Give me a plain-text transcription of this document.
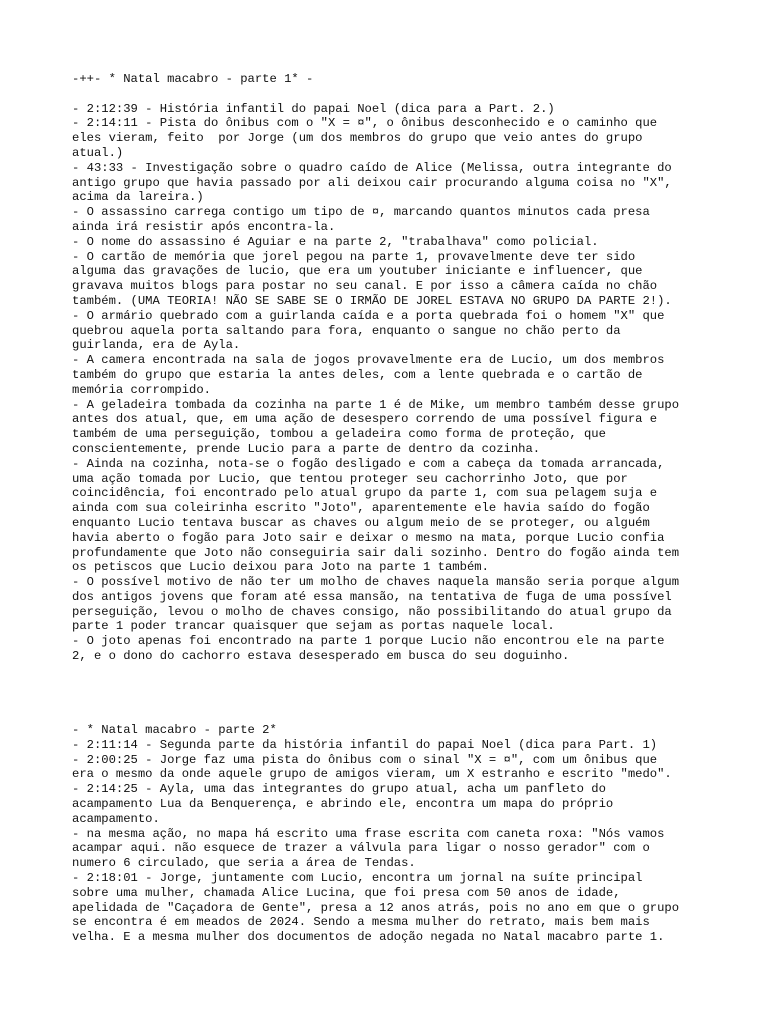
-++- * Natal macabro - parte 1* -
- 2:12:39 - História infantil do papai Noel (dica para a Part. 2.)
- 2:14:11 - Pista do ônibus com o "X = ¤", o ônibus desconhecido e o caminho que
eles vieram, feito  por Jorge (um dos membros do grupo que veio antes do grupo
atual.)
- 43:33 - Investigação sobre o quadro caído de Alice (Melissa, outra integrante do
antigo grupo que havia passado por ali deixou cair procurando alguma coisa no "X",
acima da lareira.)
- O assassino carrega contigo um tipo de ¤, marcando quantos minutos cada presa
ainda irá resistir após encontra-la.
- O nome do assassino é Aguiar e na parte 2, "trabalhava" como policial.
- O cartão de memória que jorel pegou na parte 1, provavelmente deve ter sido
alguma das gravações de lucio, que era um youtuber iniciante e influencer, que
gravava muitos blogs para postar no seu canal. E por isso a câmera caída no chão
também. (UMA TEORIA! NÃO SE SABE SE O IRMÃO DE JOREL ESTAVA NO GRUPO DA PARTE 2!).
- O armário quebrado com a guirlanda caída e a porta quebrada foi o homem "X" que
quebrou aquela porta saltando para fora, enquanto o sangue no chão perto da
guirlanda, era de Ayla.
- A camera encontrada na sala de jogos provavelmente era de Lucio, um dos membros
também do grupo que estaria la antes deles, com a lente quebrada e o cartão de
memória corrompido.
- A geladeira tombada da cozinha na parte 1 é de Mike, um membro também desse grupo
antes dos atual, que, em uma ação de desespero correndo de uma possível figura e
também de uma perseguição, tombou a geladeira como forma de proteção, que
conscientemente, prende Lucio para a parte de dentro da cozinha.
- Ainda na cozinha, nota-se o fogão desligado e com a cabeça da tomada arrancada,
uma ação tomada por Lucio, que tentou proteger seu cachorrinho Joto, que por
coincidência, foi encontrado pelo atual grupo da parte 1, com sua pelagem suja e
ainda com sua coleirinha escrito "Joto", aparentemente ele havia saído do fogão
enquanto Lucio tentava buscar as chaves ou algum meio de se proteger, ou alguém
havia aberto o fogão para Joto sair e deixar o mesmo na mata, porque Lucio confia
profundamente que Joto não conseguiria sair dali sozinho. Dentro do fogão ainda tem
os petiscos que Lucio deixou para Joto na parte 1 também.
- O possível motivo de não ter um molho de chaves naquela mansão seria porque algum
dos antigos jovens que foram até essa mansão, na tentativa de fuga de uma possível
perseguição, levou o molho de chaves consigo, não possibilitando do atual grupo da
parte 1 poder trancar quaisquer que sejam as portas naquele local.
- O joto apenas foi encontrado na parte 1 porque Lucio não encontrou ele na parte
2, e o dono do cachorro estava desesperado em busca do seu doguinho.
- * Natal macabro - parte 2*
- 2:11:14 - Segunda parte da história infantil do papai Noel (dica para Part. 1)
- 2:00:25 - Jorge faz uma pista do ônibus com o sinal "X = ¤", com um ônibus que
era o mesmo da onde aquele grupo de amigos vieram, um X estranho e escrito "medo".
- 2:14:25 - Ayla, uma das integrantes do grupo atual, acha um panfleto do
acampamento Lua da Benquerença, e abrindo ele, encontra um mapa do próprio
acampamento.
- na mesma ação, no mapa há escrito uma frase escrita com caneta roxa: "Nós vamos
acampar aqui. não esquece de trazer a válvula para ligar o nosso gerador" com o
numero 6 circulado, que seria a área de Tendas.
- 2:18:01 - Jorge, juntamente com Lucio, encontra um jornal na suíte principal
sobre uma mulher, chamada Alice Lucina, que foi presa com 50 anos de idade,
apelidada de "Caçadora de Gente", presa a 12 anos atrás, pois no ano em que o grupo
se encontra é em meados de 2024. Sendo a mesma mulher do retrato, mais bem mais
velha. E a mesma mulher dos documentos de adoção negada no Natal macabro parte 1.
